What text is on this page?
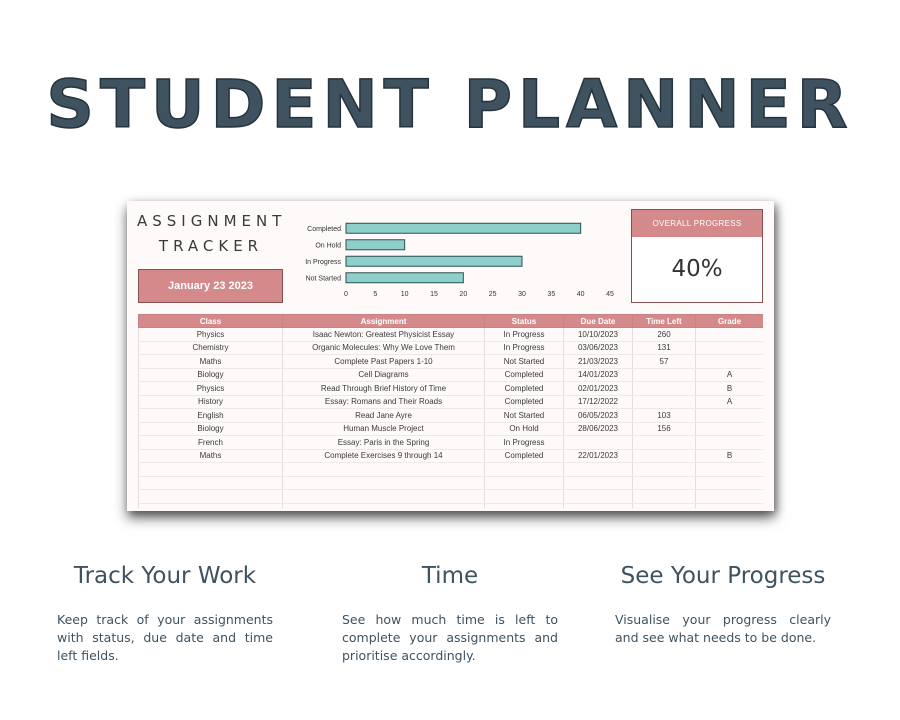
STUDENT PLANNER
ASSIGNMENT
TRACKER
January 23 2023
Completed
On Hold
In Progress
Not Started
0	5	10	15	20	25	30	35	40	45
OVERALL PROGRESS
40%
Class	Assignment	Status	Due Date	Time Left	Grade
Physics	Isaac Newton: Greatest Physicist Essay	In Progress	10/10/2023	260	
Chemistry	Organic Molecules: Why We Love Them	In Progress	03/06/2023	131	
Maths	Complete Past Papers 1-10	Not Started	21/03/2023	57	
Biology	Cell Diagrams	Completed	14/01/2023		A
Physics	Read Through Brief History of Time	Completed	02/01/2023		B
History	Essay: Romans and Their Roads	Completed	17/12/2022		A
English	Read Jane Ayre	Not Started	06/05/2023	103	
Biology	Human Muscle Project	On Hold	28/06/2023	156	
French	Essay: Paris in the Spring	In Progress			
Maths	Complete Exercises 9 through 14	Completed	22/01/2023		B

Track Your Work

Keep track of your assignments with status, due date and time left fields.

Time

See how much time is left to complete your assignments and prioritise accordingly.

See Your Progress

Visualise your progress clearly and see what needs to be done.
